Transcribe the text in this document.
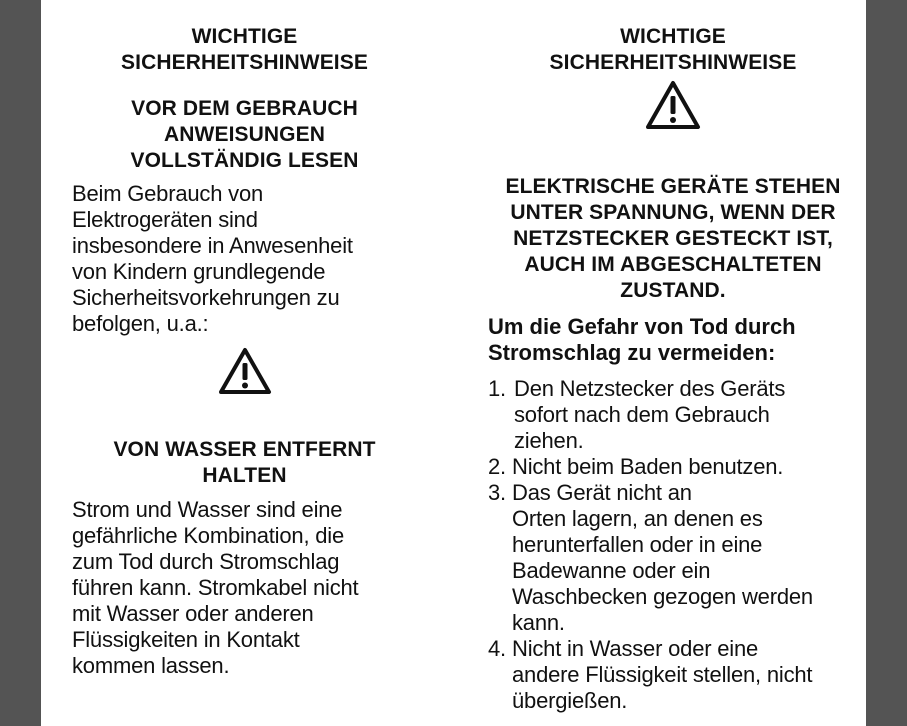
WICHTIGE
SICHERHEITSHINWEISE
VOR DEM GEBRAUCH
ANWEISUNGEN
VOLLSTÄNDIG LESEN

Beim Gebrauch von
Elektrogeräten sind
insbesondere in Anwesenheit
von Kindern grundlegende
Sicherheitsvorkehrungen zu
befolgen, u.a.:

VON WASSER ENTFERNT
HALTEN

Strom und Wasser sind eine
gefährliche Kombination, die
zum Tod durch Stromschlag
führen kann. Stromkabel nicht
mit Wasser oder anderen
Flüssigkeiten in Kontakt
kommen lassen.

WICHTIGE
SICHERHEITSHINWEISE
ELEKTRISCHE GERÄTE STEHEN
UNTER SPANNUNG, WENN DER
NETZSTECKER GESTECKT IST,
AUCH IM ABGESCHALTETEN
ZUSTAND.

Um die Gefahr von Tod durch
Stromschlag zu vermeiden:

1. Den Netzstecker des Geräts
sofort nach dem Gebrauch
ziehen.
2. Nicht beim Baden benutzen.
3. Das Gerät nicht an
Orten lagern, an denen es
herunterfallen oder in eine
Badewanne oder ein
Waschbecken gezogen werden
kann.
4. Nicht in Wasser oder eine
andere Flüssigkeit stellen, nicht
übergießen.
